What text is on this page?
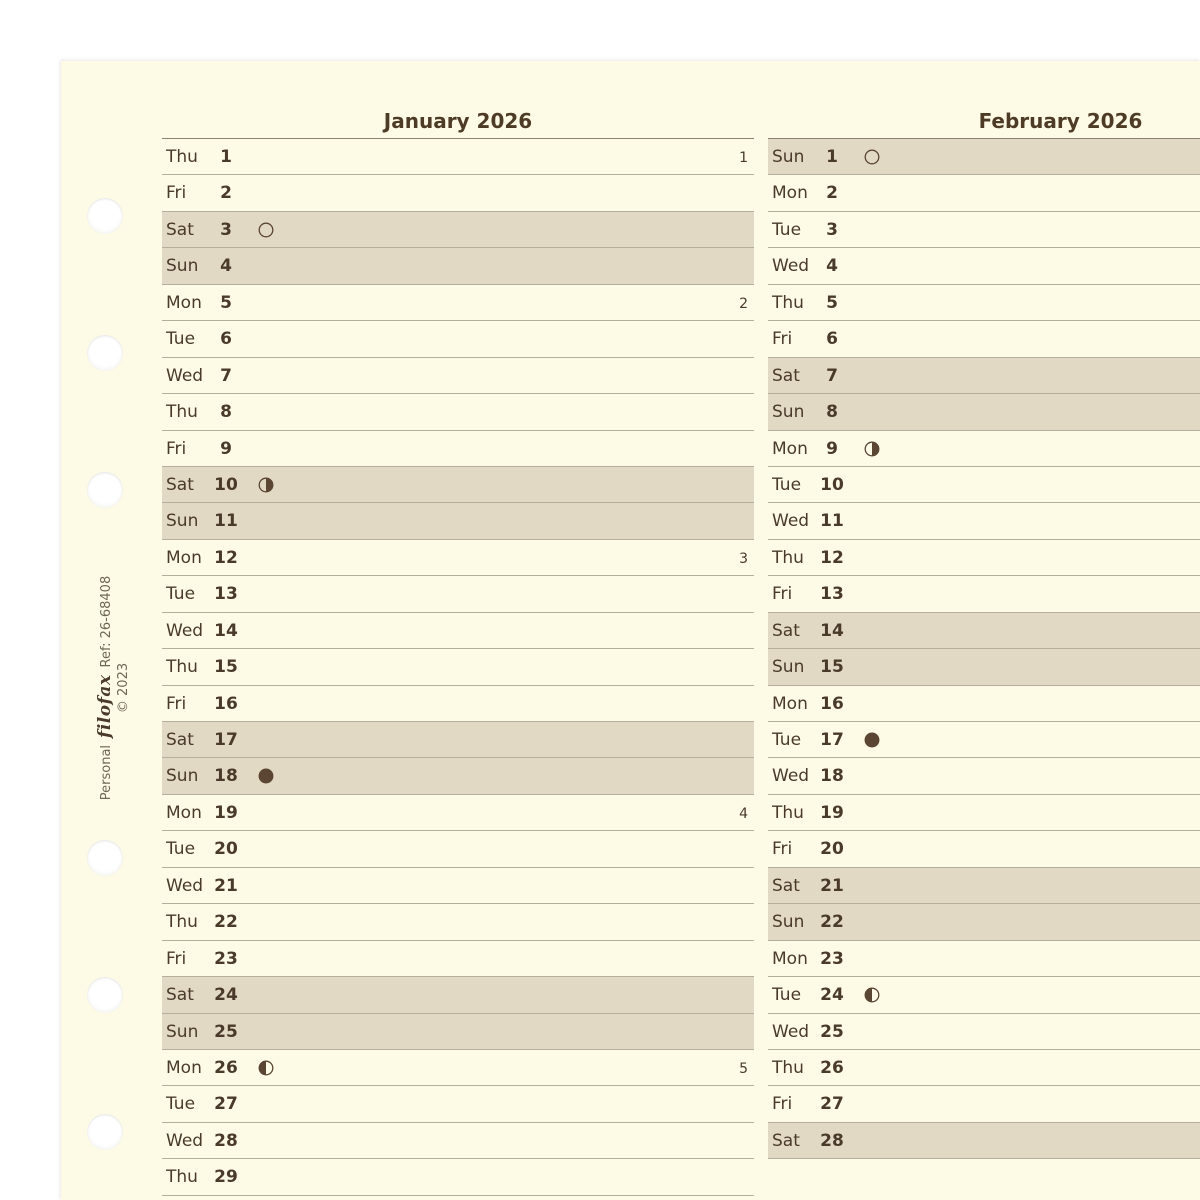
Personal
filofax
Ref: 26-68408
© 2023
January 2026
Thu	1	1
Fri	2
Sat	3
Sun	4
Mon	5	2
Tue	6
Wed	7
Thu	8
Fri	9
Sat 10
Sun 11
Mon 12	3
Tue 13
Wed 14
Thu 15
Fri 16
Sat 17
Sun 18
Mon 19	4
Tue 20
Wed 21
Thu 22
Fri 23
Sat 24
Sun 25
Mon 26	5
Tue 27
Wed 28
Thu 29
February 2026
Sun	1
Mon	2
Tue	3
Wed	4
Thu	5
Fri	6
Sat	7
Sun	8
Mon	9
Tue 10
Wed 11
Thu 12
Fri 13
Sat 14
Sun 15
Mon 16
Tue 17
Wed 18
Thu 19
Fri 20
Sat 21
Sun 22
Mon 23
Tue 24
Wed 25
Thu 26
Fri 27
Sat 28
